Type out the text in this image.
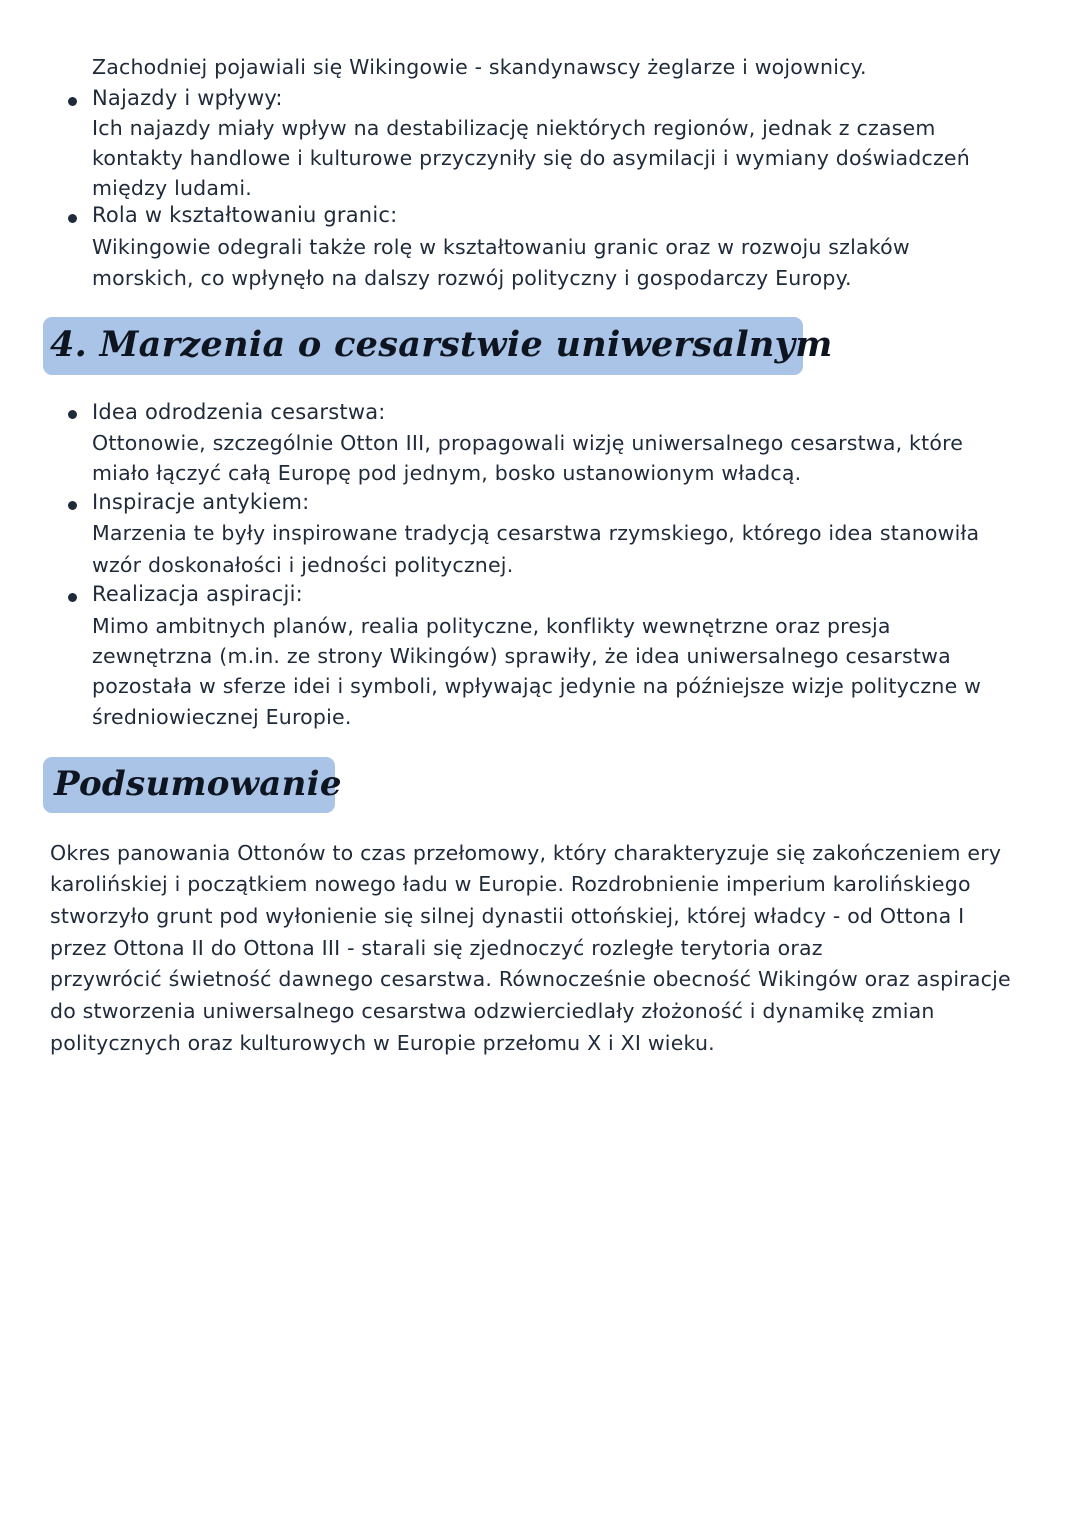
Zachodniej pojawiali się Wikingowie - skandynawscy żeglarze i wojownicy.
Najazdy i wpływy:
Ich najazdy miały wpływ na destabilizację niektórych regionów, jednak z czasem
kontakty handlowe i kulturowe przyczyniły się do asymilacji i wymiany doświadczeń
między ludami.
Rola w kształtowaniu granic:
Wikingowie odegrali także rolę w kształtowaniu granic oraz w rozwoju szlaków
morskich, co wpłynęło na dalszy rozwój polityczny i gospodarczy Europy.
4. Marzenia o cesarstwie uniwersalnym
Idea odrodzenia cesarstwa:
Ottonowie, szczególnie Otton III, propagowali wizję uniwersalnego cesarstwa, które
miało łączyć całą Europę pod jednym, bosko ustanowionym władcą.
Inspiracje antykiem:
Marzenia te były inspirowane tradycją cesarstwa rzymskiego, którego idea stanowiła
wzór doskonałości i jedności politycznej.
Realizacja aspiracji:
Mimo ambitnych planów, realia polityczne, konflikty wewnętrzne oraz presja
zewnętrzna (m.in. ze strony Wikingów) sprawiły, że idea uniwersalnego cesarstwa
pozostała w sferze idei i symboli, wpływając jedynie na późniejsze wizje polityczne w
średniowiecznej Europie.
Podsumowanie
Okres panowania Ottonów to czas przełomowy, który charakteryzuje się zakończeniem ery
karolińskiej i początkiem nowego ładu w Europie. Rozdrobnienie imperium karolińskiego
stworzyło grunt pod wyłonienie się silnej dynastii ottońskiej, której władcy - od Ottona I
przez Ottona II do Ottona III - starali się zjednoczyć rozległe terytoria oraz
przywrócić świetność dawnego cesarstwa. Równocześnie obecność Wikingów oraz aspiracje
do stworzenia uniwersalnego cesarstwa odzwierciedlały złożoność i dynamikę zmian
politycznych oraz kulturowych w Europie przełomu X i XI wieku.
